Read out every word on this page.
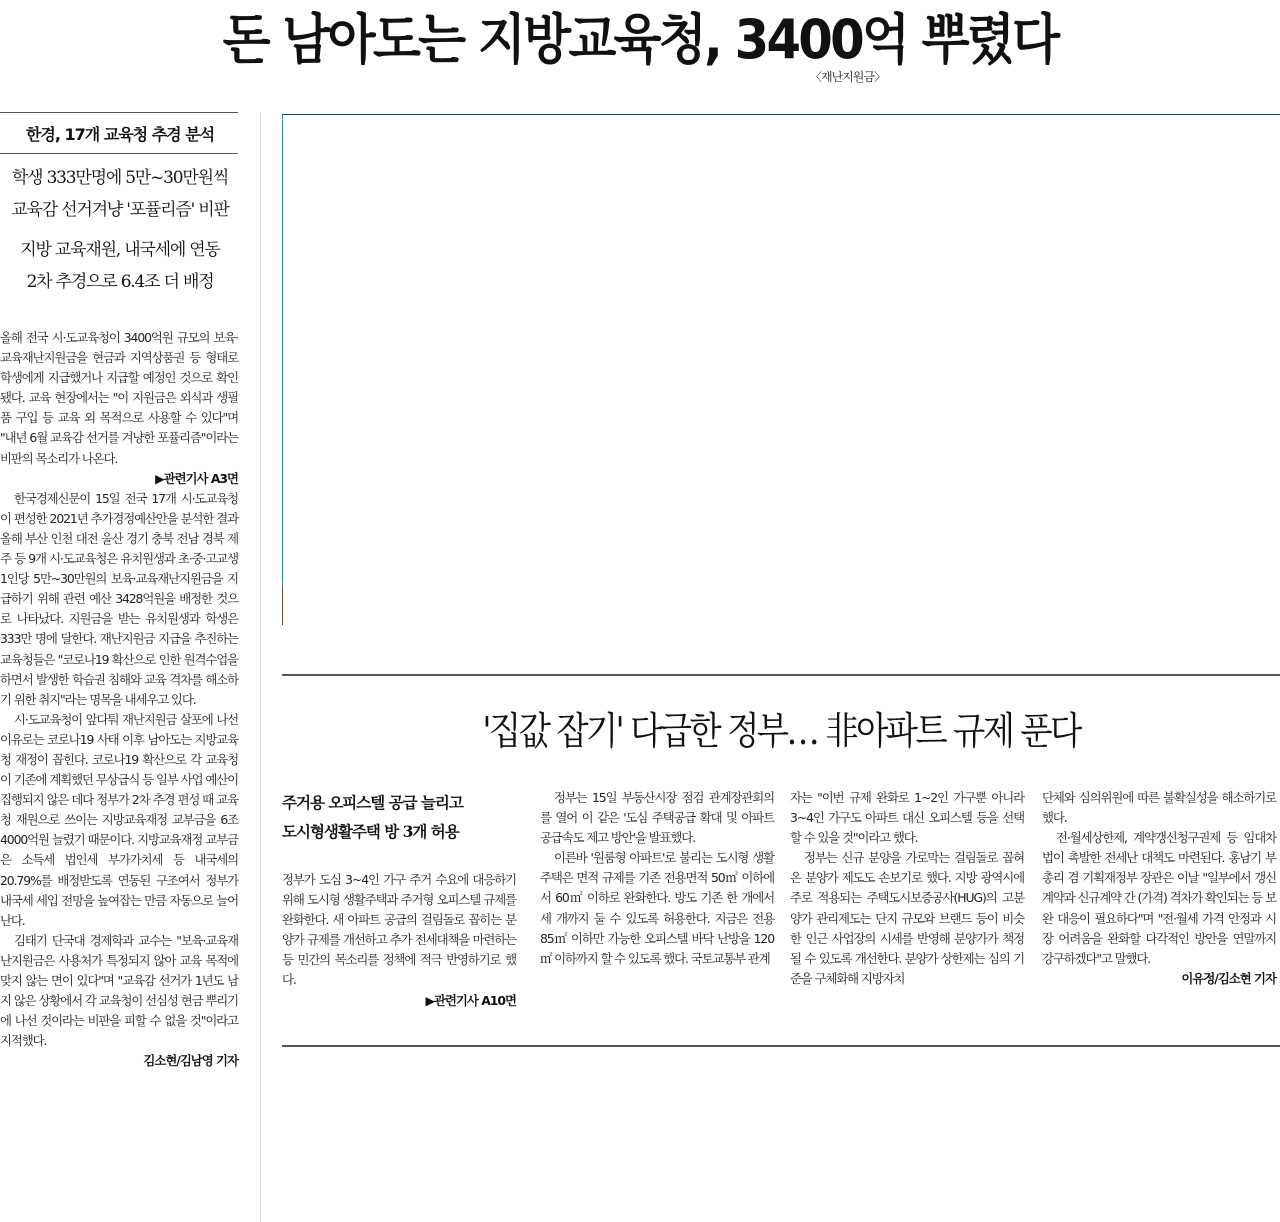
돈 남아도는 지방교육청, 3400억 뿌렸다
〈재난지원금〉
한경, 17개 교육청 추경 분석
학생 333만명에 5만~30만원씩
교육감 선거겨냥 '포퓰리즘' 비판
지방 교육재원, 내국세에 연동
2차 추경으로 6.4조 더 배정

올해 전국 시·도교육청이 3400억원 규모의 보육·교육재난지원금을 현금과 지역상품권 등 형태로 학생에게 지급했거나 지급할 예정인 것으로 확인됐다. 교육 현장에서는 "이 지원금은 외식과 생필품 구입 등 교육 외 목적으로 사용할 수 있다"며 "내년 6월 교육감 선거를 겨냥한 포퓰리즘"이라는 비판의 목소리가 나온다.

▶관련기사 A3면

한국경제신문이 15일 전국 17개 시·도교육청이 편성한 2021년 추가경정예산안을 분석한 결과 올해 부산 인천 대전 울산 경기 충북 전남 경북 제주 등 9개 시·도교육청은 유치원생과 초·중·고교생 1인당 5만~30만원의 보육·교육재난지원금을 지급하기 위해 관련 예산 3428억원을 배정한 것으로 나타났다. 지원금을 받는 유치원생과 학생은 333만 명에 달한다. 재난지원금 지급을 추진하는 교육청들은 "코로나19 확산으로 인한 원격수업을 하면서 발생한 학습권 침해와 교육 격차를 해소하기 위한 취지"라는 명목을 내세우고 있다.

시·도교육청이 앞다퉈 재난지원금 살포에 나선 이유로는 코로나19 사태 이후 남아도는 지방교육청 재정이 꼽힌다. 코로나19 확산으로 각 교육청이 기존에 계획했던 무상급식 등 일부 사업 예산이 집행되지 않은 데다 정부가 2차 추경 편성 때 교육청 재원으로 쓰이는 지방교육재정 교부금을 6조4000억원 늘렸기 때문이다. 지방교육재정 교부금은 소득세 법인세 부가가치세 등 내국세의 20.79%를 배정받도록 연동된 구조여서 정부가 내국세 세입 전망을 높여잡는 만큼 자동으로 늘어난다.

김태기 단국대 경제학과 교수는 "보육·교육재난지원금은 사용처가 특정되지 않아 교육 목적에 맞지 않는 면이 있다"며 "교육감 선거가 1년도 남지 않은 상황에서 각 교육청이 선심성 현금 뿌리기에 나선 것이라는 비판을 피할 수 없을 것"이라고 지적했다.

김소현/김남영 기자
'집값 잡기' 다급한 정부… 非아파트 규제 푼다
주거용 오피스텔 공급 늘리고
도시형생활주택 방 3개 허용
정부가 도심 3~4인 가구 주거 수요에 대응하기 위해 도시형 생활주택과 주거형 오피스텔 규제를 완화한다. 새 아파트 공급의 걸림돌로 꼽히는 분양가 규제를 개선하고 추가 전세대책을 마련하는 등 민간의 목소리를 정책에 적극 반영하기로 했다.
▶관련기사 A10면

정부는 15일 부동산시장 점검 관계장관회의를 열어 이 같은 '도심 주택공급 확대 및 아파트 공급속도 제고 방안'을 발표했다.

이른바 '원룸형 아파트'로 불리는 도시형 생활주택은 면적 규제를 기존 전용면적 50㎡ 이하에서 60㎡ 이하로 완화한다. 방도 기존 한 개에서 세 개까지 둘 수 있도록 허용한다. 지금은 전용 85㎡ 이하만 가능한 오피스텔 바닥 난방을 120㎡ 이하까지 할 수 있도록 했다. 국토교통부 관계

자는 "이번 규제 완화로 1~2인 가구뿐 아니라 3~4인 가구도 아파트 대신 오피스텔 등을 선택할 수 있을 것"이라고 했다.

정부는 신규 분양을 가로막는 걸림돌로 꼽혀온 분양가 제도도 손보기로 했다. 지방 광역시에 주로 적용되는 주택도시보증공사(HUG)의 고분양가 관리제도는 단지 규모와 브랜드 등이 비슷한 인근 사업장의 시세를 반영해 분양가가 책정될 수 있도록 개선한다. 분양가 상한제는 심의 기준을 구체화해 지방자치

단체와 심의위원에 따른 불확실성을 해소하기로 했다.

전·월세상한제, 계약갱신청구권제 등 임대차법이 촉발한 전세난 대책도 마련된다. 홍남기 부총리 겸 기획재정부 장관은 이날 "일부에서 갱신계약과 신규계약 간 (가격) 격차가 확인되는 등 보완 대응이 필요하다"며 "전·월세 가격 안정과 시장 어려움을 완화할 다각적인 방안을 연말까지 강구하겠다"고 말했다.

이유정/김소현 기자
